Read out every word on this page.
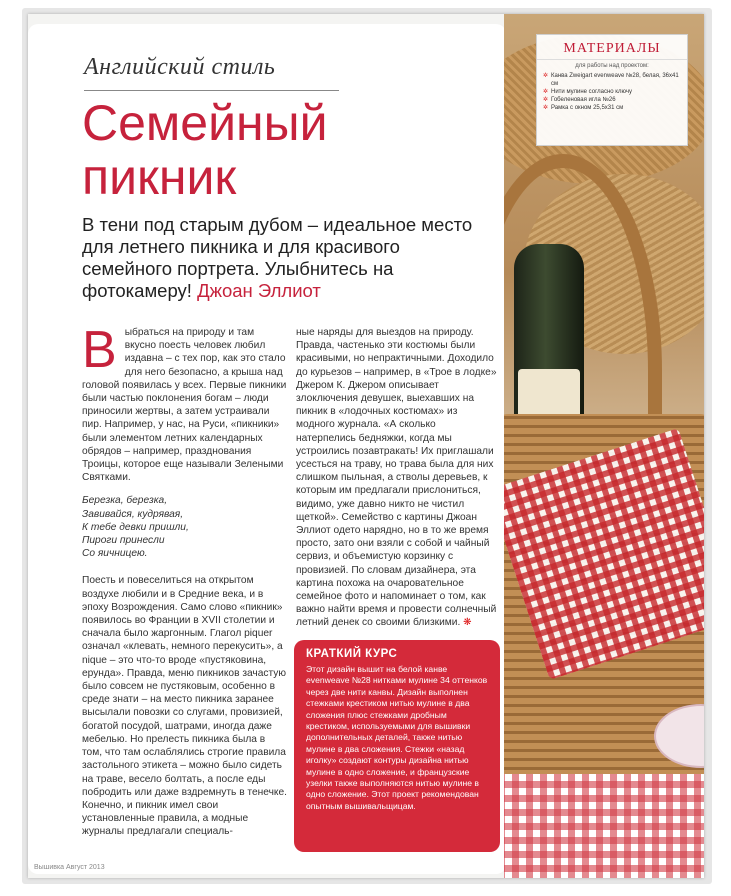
МАТЕРИАЛЫ
для работы над проектом:
✲ Канва Zweigart evenweave №28, белая, 36х41 см
✲ Нити мулине согласно ключу
✲ Гобеленовая игла №26
✲ Рамка с окном 25,5х31 см
Английский стиль
Семейный
пикник

В тени под старым дубом – идеальное место для летнего пикника и для красивого семейного портрета. Улыбнитесь на фотокамеру! Джоан Эллиот

Выбраться на природу и там вкусно поесть человек любил издавна – с тех пор, как это стало для него безопасно, а крыша над головой появилась у всех. Первые пикники были частью поклонения богам – люди приносили жертвы, а затем устраивали пир. Например, у нас, на Руси, «пикники» были элементом летних календарных обрядов – например, празднования Троицы, которое еще называли Зелеными Святками.

Березка, березка,
Завивайся, кудрявая,
К тебе девки пришли,
Пироги принесли
Со яичницею.

Поесть и повеселиться на открытом воздухе любили и в Средние века, и в эпоху Возрождения. Само слово «пикник» появилось во Франции в XVII столетии и сначала было жаргонным. Глагол piquer означал «клевать, немного перекусить», а nique – это что-то вроде «пустяковина, ерунда». Правда, меню пикников зачастую было совсем не пустяковым, особенно в среде знати – на место пикника заранее высылали повозки со слугами, провизией, богатой посудой, шатрами, иногда даже мебелью. Но прелесть пикника была в том, что там ослаблялись строгие правила застольного этикета – можно было сидеть на траве, весело болтать, а после еды побродить или даже вздремнуть в тенечке. Конечно, и пикник имел свои установленные правила, а модные журналы предлагали специаль-

ные наряды для выездов на природу. Правда, частенько эти костюмы были красивыми, но непрактичными. Доходило до курьезов – например, в «Трое в лодке» Джером К. Джером описывает злоключения девушек, выехавших на пикник в «лодочных костюмах» из модного журнала. «А сколько натерпелись бедняжки, когда мы устроились позавтракать! Их приглашали усесться на траву, но трава была для них слишком пыльная, а стволы деревьев, к которым им предлагали прислониться, видимо, уже давно никто не чистил щеткой». Семейство с картины Джоан Эллиот одето нарядно, но в то же время просто, зато они взяли с собой и чайный сервиз, и объемистую корзинку с провизией. По словам дизайнера, эта картина похожа на очаровательное семейное фото и напоминает о том, как важно найти время и провести солнечный летний денек со своими близкими. ❋

КРАТКИЙ КУРС

Этот дизайн вышит на белой канве evenweave №28 нитками мулине 34 оттенков через две нити канвы. Дизайн выполнен стежками крестиком нитью мулине в два сложения плюс стежками дробным крестиком, используемыми для вышивки дополнительных деталей, также нитью мулине в два сложения. Стежки «назад иголку» создают контуры дизайна нитью мулине в одно сложение, и французские узелки также выполняются нитью мулине в одно сложение. Этот проект рекомендован опытным вышивальщицам.

Вышивка Август 2013
